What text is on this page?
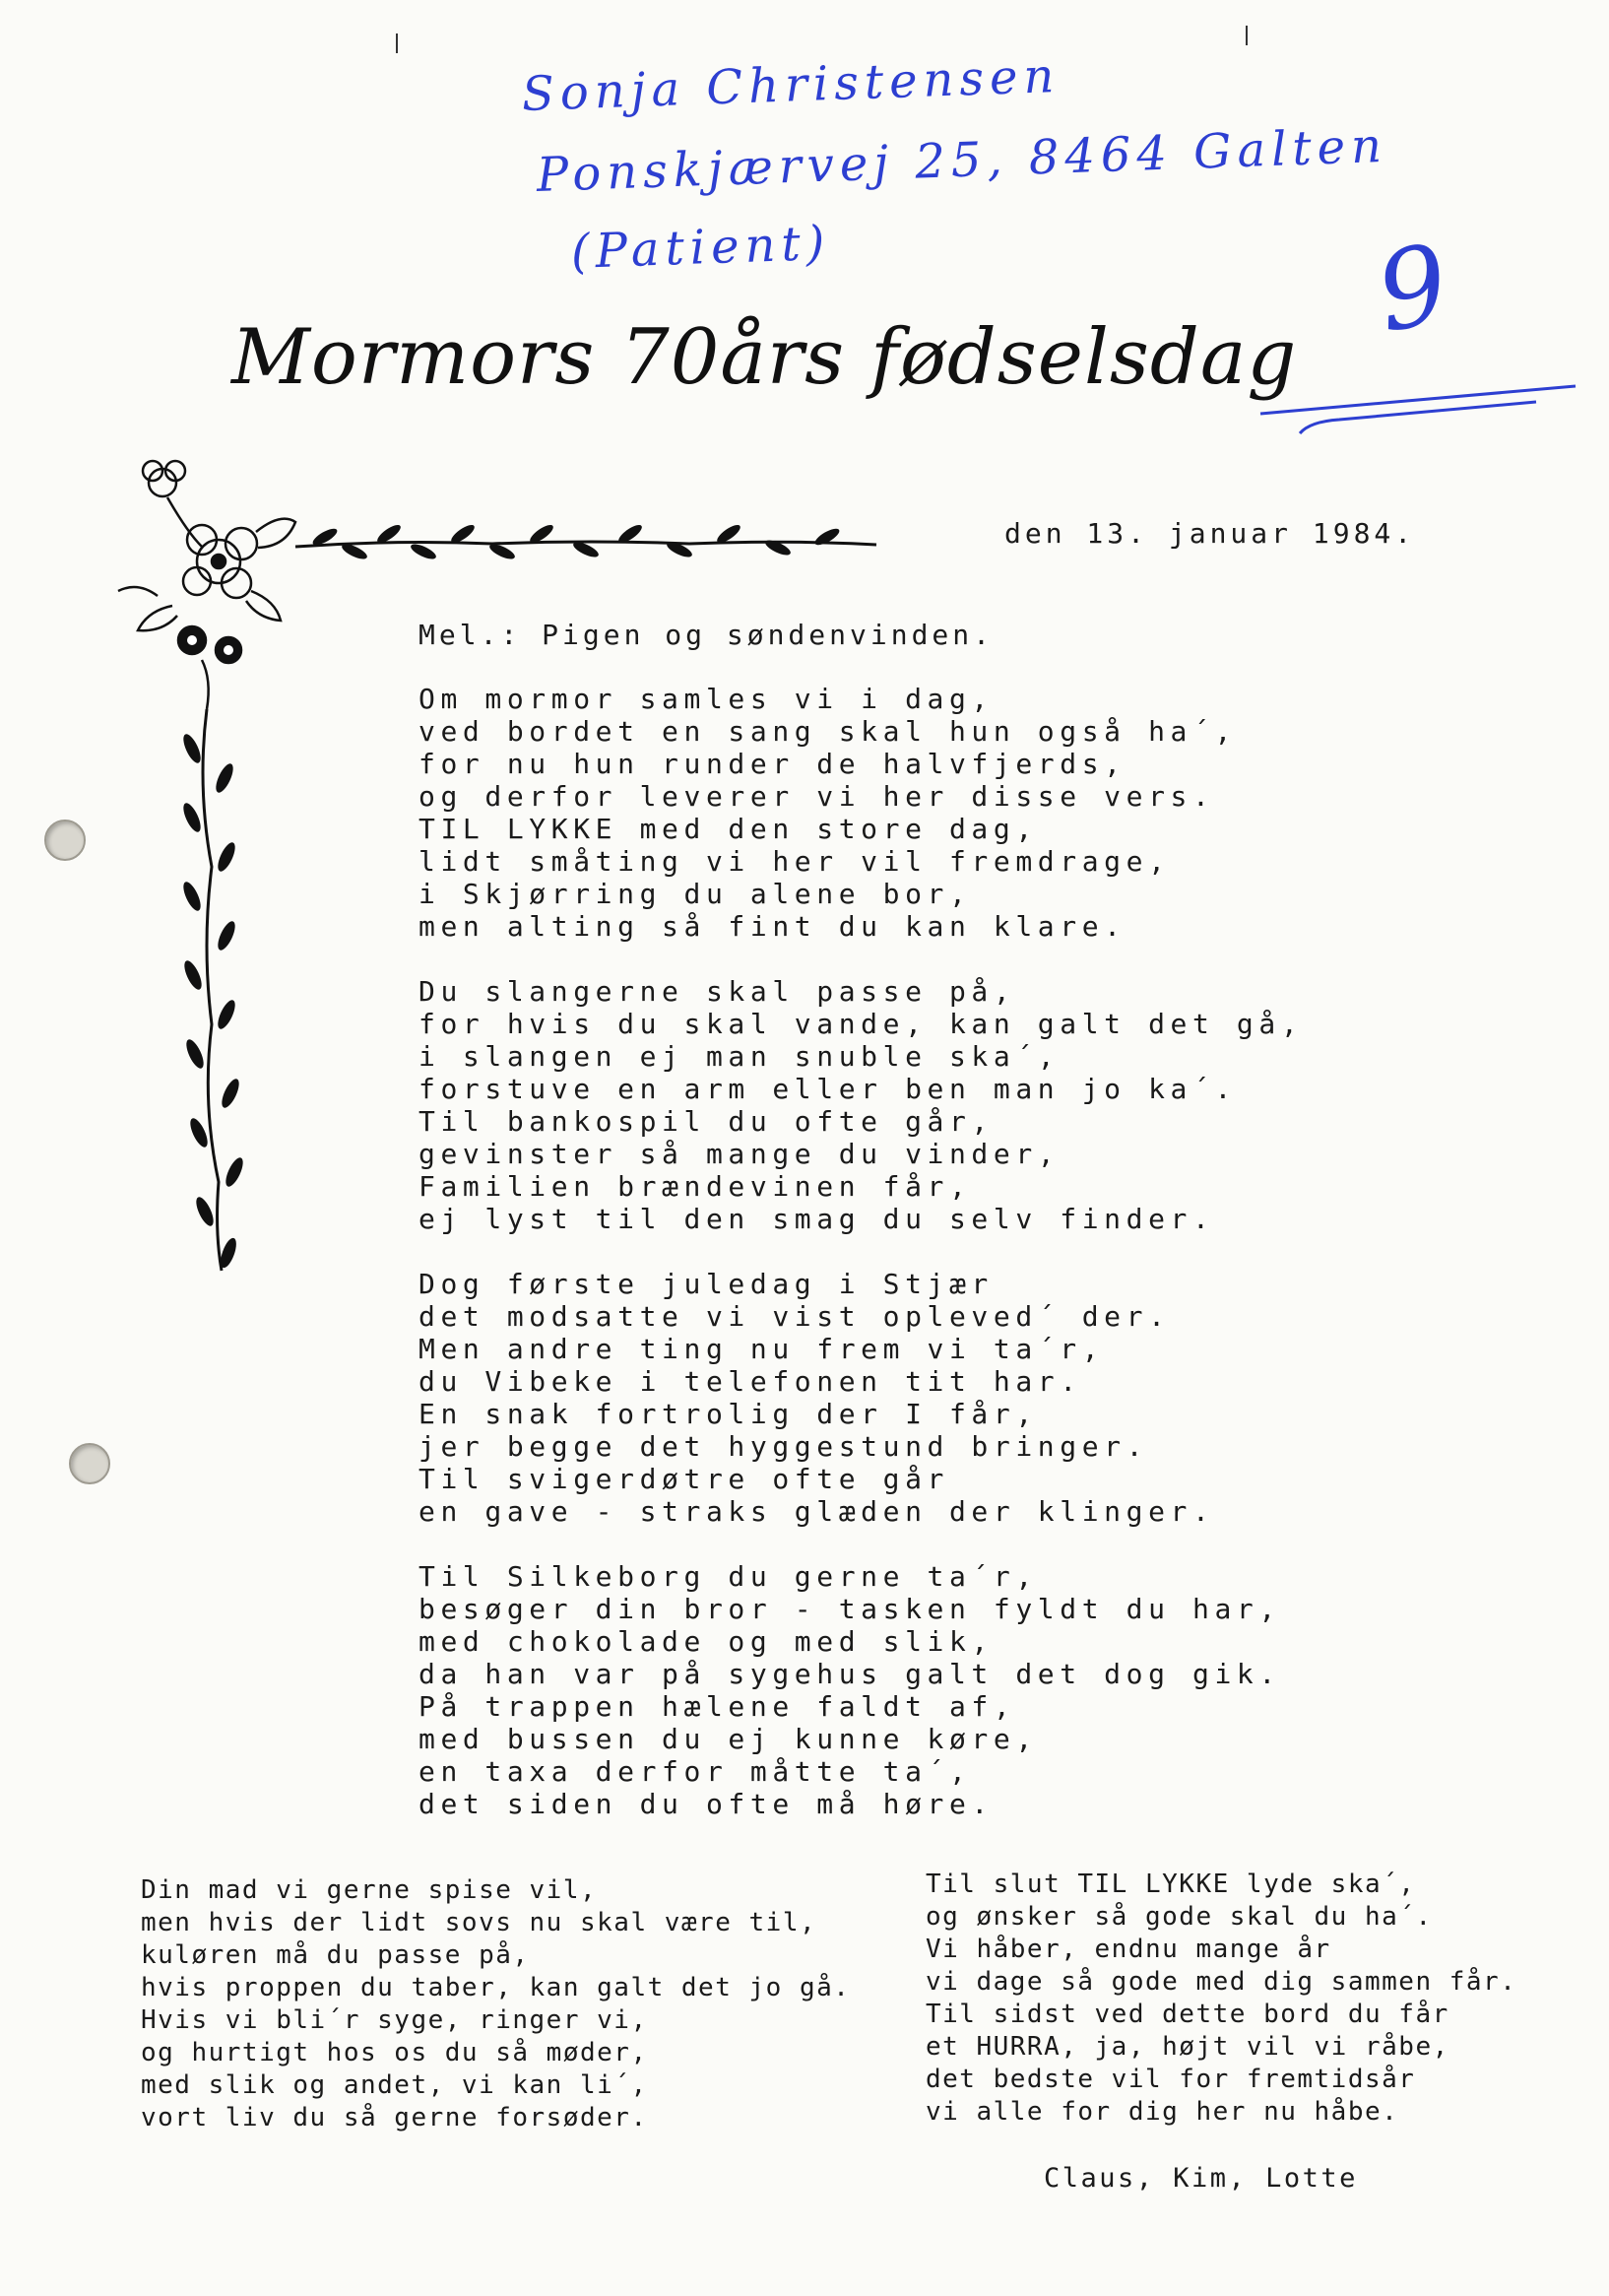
Sonja Christensen
Ponskjærvej 25, 8464 Galten
(Patient)	9
Mormors 70års fødselsdag
den 13. januar 1984.
Mel.: Pigen og søndenvinden.
Om mormor samles vi i dag,
ved bordet en sang skal hun også ha´,
for nu hun runder de halvfjerds,
og derfor leverer vi her disse vers.
TIL LYKKE med den store dag,
lidt småting vi her vil fremdrage,
i Skjørring du alene bor,
men alting så fint du kan klare.
Du slangerne skal passe på,
for hvis du skal vande, kan galt det gå,
i slangen ej man snuble ska´,
forstuve en arm eller ben man jo ka´.
Til bankospil du ofte går,
gevinster så mange du vinder,
Familien brændevinen får,
ej lyst til den smag du selv finder.
Dog første juledag i Stjær
det modsatte vi vist opleved´ der.
Men andre ting nu frem vi ta´r,
du Vibeke i telefonen tit har.
En snak fortrolig der I får,
jer begge det hyggestund bringer.
Til svigerdøtre ofte går
en gave - straks glæden der klinger.
Til Silkeborg du gerne ta´r,
besøger din bror - tasken fyldt du har,
med chokolade og med slik,
da han var på sygehus galt det dog gik.
På trappen hælene faldt af,
med bussen du ej kunne køre,
en taxa derfor måtte ta´,
det siden du ofte må høre.
Din mad vi gerne spise vil,
men hvis der lidt sovs nu skal være til,
kuløren må du passe på,
hvis proppen du taber, kan galt det jo gå.
Hvis vi bli´r syge, ringer vi,
og hurtigt hos os du så møder,
med slik og andet, vi kan li´,
vort liv du så gerne forsøder.
Til slut TIL LYKKE lyde ska´,
og ønsker så gode skal du ha´.
Vi håber, endnu mange år
vi dage så gode med dig sammen får.
Til sidst ved dette bord du får
et HURRA, ja, højt vil vi råbe,
det bedste vil for fremtidsår
vi alle for dig her nu håbe.
Claus, Kim, Lotte
